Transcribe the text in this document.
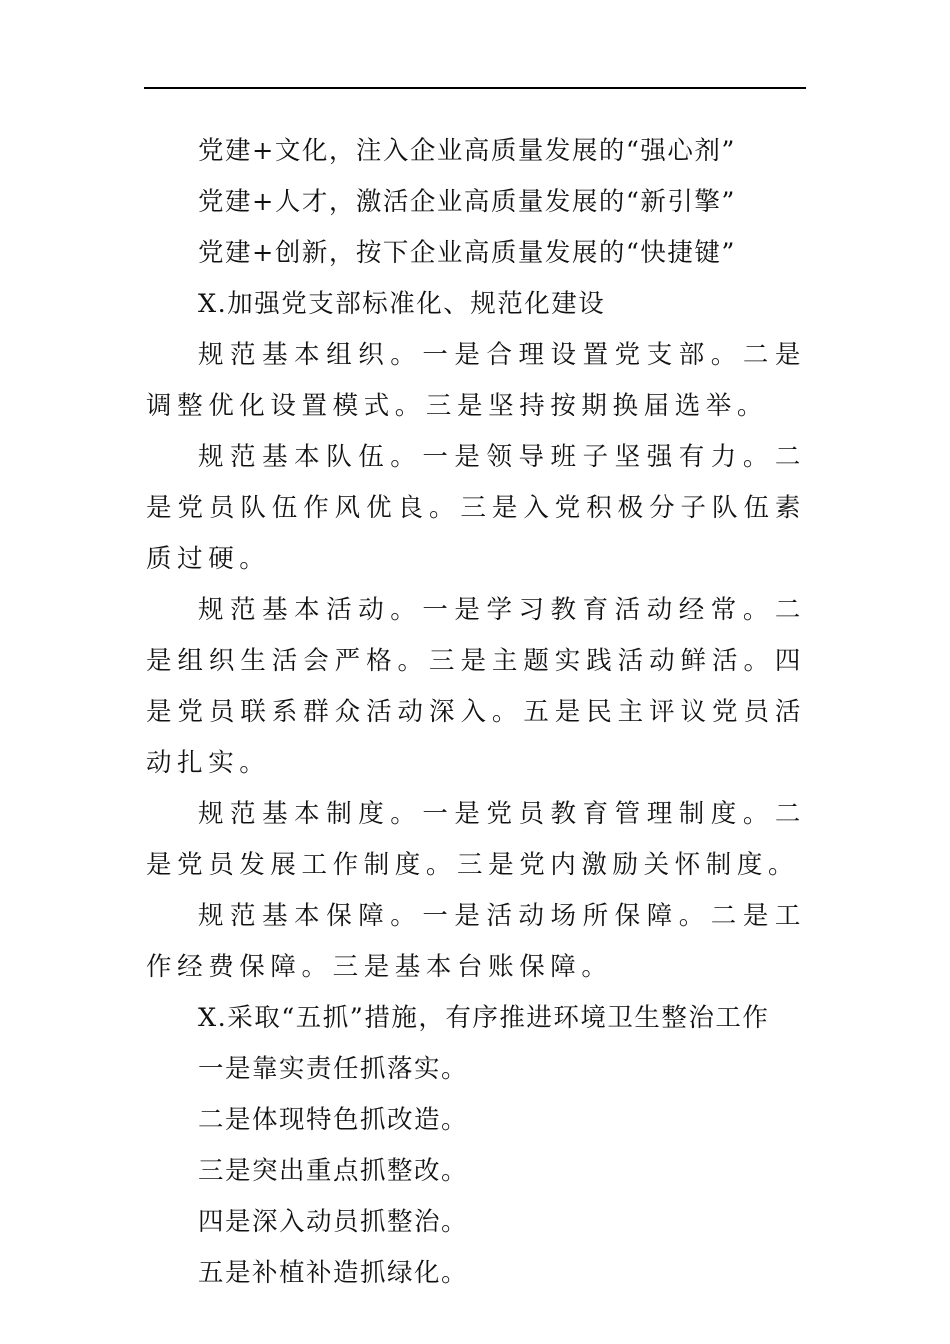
党建+文化，注入企业高质量发展的“强心剂”
党建+人才，激活企业高质量发展的“新引擎”
党建+创新，按下企业高质量发展的“快捷键”
X.加强党支部标准化、规范化建设
规范基本组织。一是合理设置党支部。二是调整优化设置模式。三是坚持按期换届选举。
规范基本队伍。一是领导班子坚强有力。二是党员队伍作风优良。三是入党积极分子队伍素质过硬。
规范基本活动。一是学习教育活动经常。二是组织生活会严格。三是主题实践活动鲜活。四是党员联系群众活动深入。五是民主评议党员活动扎实。
规范基本制度。一是党员教育管理制度。二是党员发展工作制度。三是党内激励关怀制度。
规范基本保障。一是活动场所保障。二是工作经费保障。三是基本台账保障。
X.采取“五抓”措施，有序推进环境卫生整治工作
一是靠实责任抓落实。
二是体现特色抓改造。
三是突出重点抓整改。
四是深入动员抓整治。
五是补植补造抓绿化。
